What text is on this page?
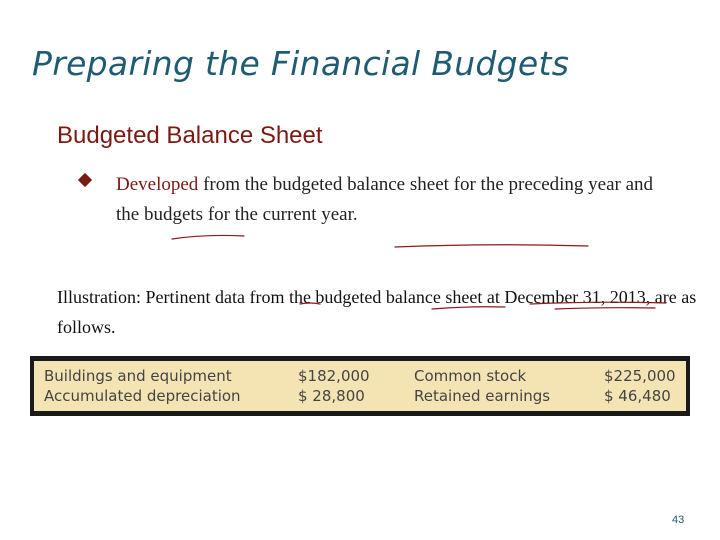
Preparing the Financial Budgets
Budgeted Balance Sheet
Developed from the budgeted balance sheet for the preceding year and the budgets for the current year.
Illustration: Pertinent data from the budgeted balance sheet at December 31, 2013, are as follows.
Buildings and equipment	$182,000	Common stock	$225,000
Accumulated depreciation	$ 28,800	Retained earnings	$ 46,480
43
